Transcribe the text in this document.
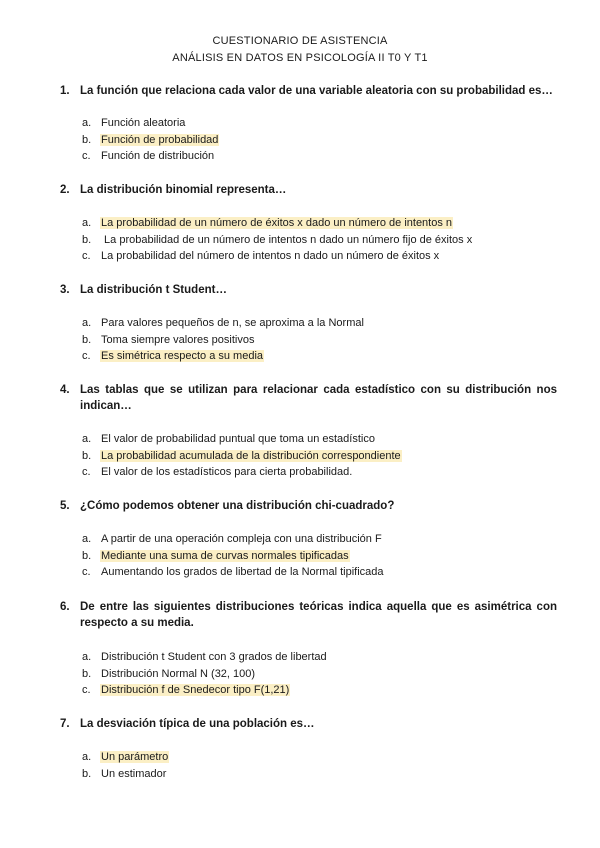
CUESTIONARIO DE ASISTENCIA
ANÁLISIS EN DATOS EN PSICOLOGÍA II T0 Y T1
1. La función que relaciona cada valor de una variable aleatoria con su probabilidad es…
a. Función aleatoria
b. Función de probabilidad
c. Función de distribución
2. La distribución binomial representa…
a. La probabilidad de un número de éxitos x dado un número de intentos n
b. La probabilidad de un número de intentos n dado un número fijo de éxitos x
c. La probabilidad del número de intentos n dado un número de éxitos x
3. La distribución t Student…
a. Para valores pequeños de n, se aproxima a la Normal
b. Toma siempre valores positivos
c. Es simétrica respecto a su media
4. Las tablas que se utilizan para relacionar cada estadístico con su distribución nos indican…
a. El valor de probabilidad puntual que toma un estadístico
b. La probabilidad acumulada de la distribución correspondiente
c. El valor de los estadísticos para cierta probabilidad.
5. ¿Cómo podemos obtener una distribución chi-cuadrado?
a. A partir de una operación compleja con una distribución F
b. Mediante una suma de curvas normales tipificadas
c. Aumentando los grados de libertad de la Normal tipificada
6. De entre las siguientes distribuciones teóricas indica aquella que es asimétrica con respecto a su media.
a. Distribución t Student con 3 grados de libertad
b. Distribución Normal N (32, 100)
c. Distribución f de Snedecor tipo F(1,21)
7. La desviación típica de una población es…
a. Un parámetro
b. Un estimador
